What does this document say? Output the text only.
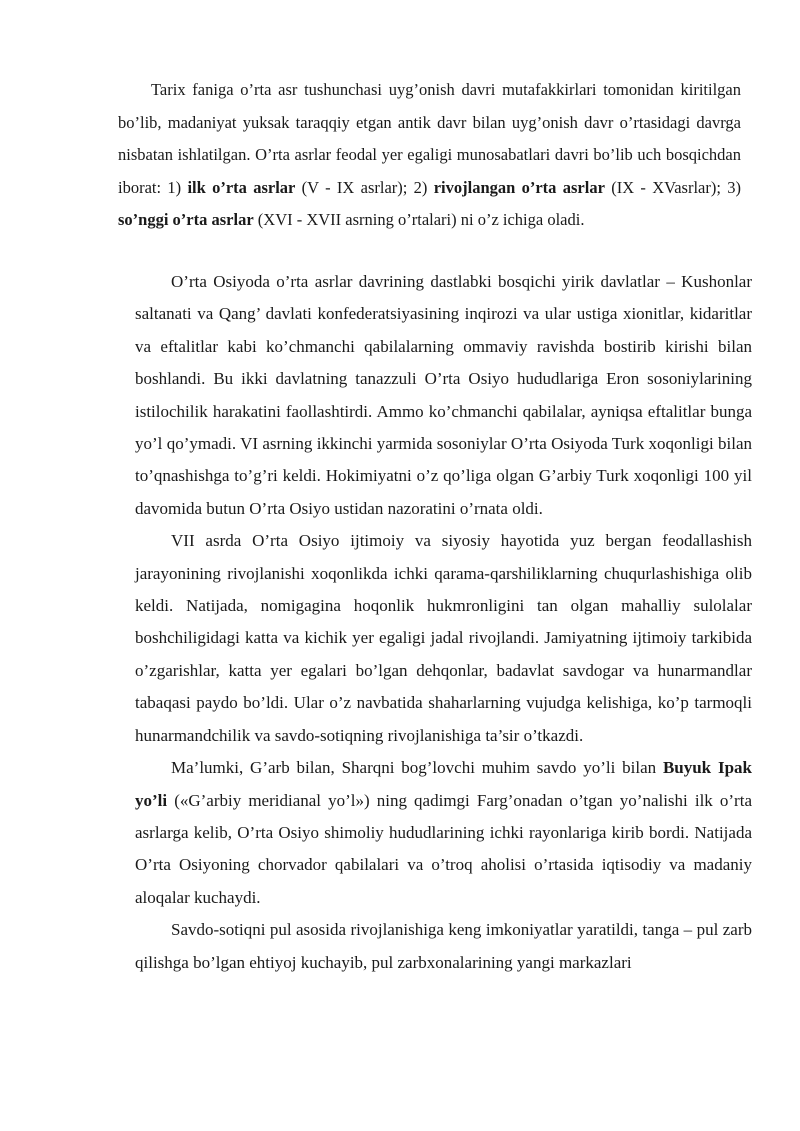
Tarix faniga o’rta asr tushunchasi uyg’onish davri mutafakkirlari tomonidan kiritilgan bo’lib, madaniyat yuksak taraqqiy etgan antik davr bilan uyg’onish davr o’rtasidagi davrga nisbatan ishlatilgan. O’rta asrlar feodal yer egaligi munosabatlari davri bo’lib uch bosqichdan iborat: 1) ilk o’rta asrlar (V - IX asrlar); 2) rivojlangan o’rta asrlar (IX - XVasrlar); 3) so’nggi o’rta asrlar (XVI - XVII asrning o’rtalari) ni o’z ichiga oladi.

O’rta Osiyoda o’rta asrlar davrining dastlabki bosqichi yirik davlatlar – Kushonlar saltanati va Qang’ davlati konfederatsiyasining inqirozi va ular ustiga xionitlar, kidaritlar va eftalitlar kabi ko’chmanchi qabilalarning ommaviy ravishda bostirib kirishi bilan boshlandi. Bu ikki davlatning tanazzuli O’rta Osiyo hududlariga Eron sosoniylarining istilochilik harakatini faollashtirdi. Ammo ko’chmanchi qabilalar, ayniqsa eftalitlar bunga yo’l qo’ymadi. VI asrning ikkinchi yarmida sosoniylar O’rta Osiyoda Turk xoqonligi bilan to’qnashishga to’g’ri keldi. Hokimiyatni o’z qo’liga olgan G’arbiy Turk xoqonligi 100 yil davomida butun O’rta Osiyo ustidan nazoratini o’rnata oldi.

VII asrda O’rta Osiyo ijtimoiy va siyosiy hayotida yuz bergan feodallashish jarayonining rivojlanishi xoqonlikda ichki qarama-qarshiliklarning chuqurlashishiga olib keldi. Natijada, nomigagina hoqonlik hukmronligini tan olgan mahalliy sulolalar boshchiligidagi katta va kichik yer egaligi jadal rivojlandi. Jamiyatning ijtimoiy tarkibida o’zgarishlar, katta yer egalari bo’lgan dehqonlar, badavlat savdogar va hunarmandlar tabaqasi paydo bo’ldi. Ular o’z navbatida shaharlarning vujudga kelishiga, ko’p tarmoqli hunarmandchilik va savdo-sotiqning rivojlanishiga ta’sir o’tkazdi.

Ma’lumki, G’arb bilan, Sharqni bog’lovchi muhim savdo yo’li bilan Buyuk Ipak yo’li («G’arbiy meridianal yo’l») ning qadimgi Farg’onadan o’tgan yo’nalishi ilk o’rta asrlarga kelib, O’rta Osiyo shimoliy hududlarining ichki rayonlariga kirib bordi. Natijada O’rta Osiyoning chorvador qabilalari va o’troq aholisi o’rtasida iqtisodiy va madaniy aloqalar kuchaydi.

Savdo-sotiqni pul asosida rivojlanishiga keng imkoniyatlar yaratildi, tanga – pul zarb qilishga bo’lgan ehtiyoj kuchayib, pul zarbxonalarining yangi markazlari
